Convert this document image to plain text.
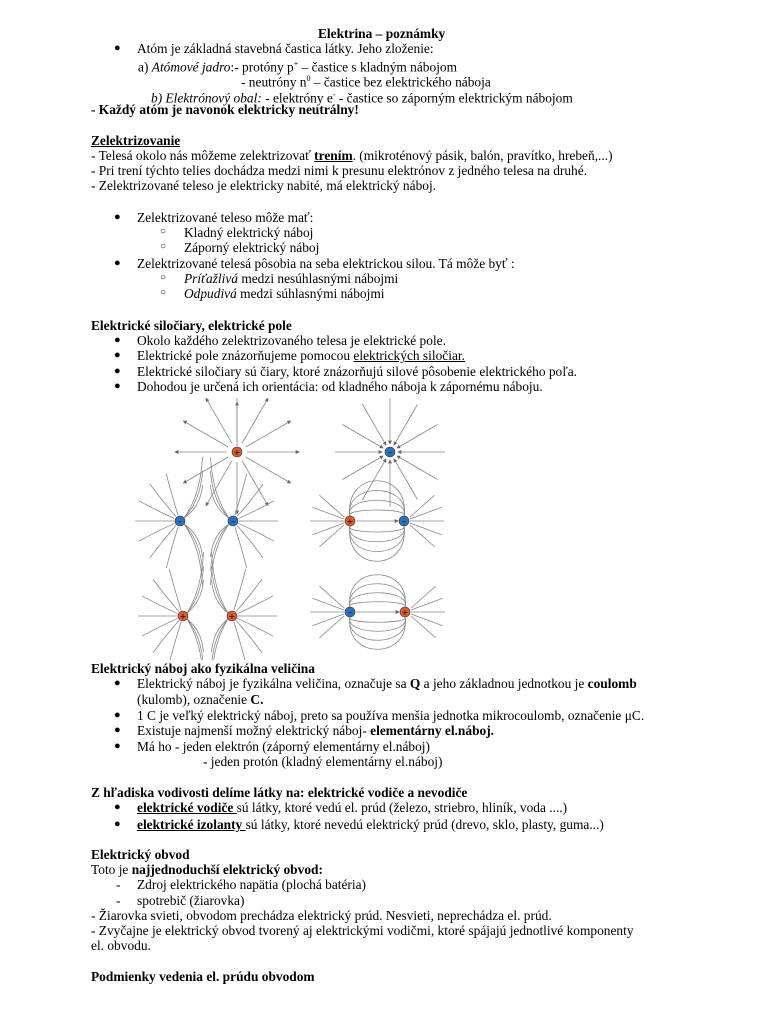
Elektrina – poznámky
● Atóm je základná stavebná častica látky. Jeho zloženie:
a) Atómové jadro:- protóny p+ – častice s kladným nábojom
- neutróny $n^0$ – častice bez elektrického náboja
b) Elektrónový obal: - elektróny e- - častice so záporným elektrickým nábojom
- Každý atóm je navonok elektricky neutrálny!
Zelektrizovanie
- Telesá okolo nás môžeme zelektrizovať trením. (mikroténový pásik, balón, pravítko, hrebeň,...)
- Pri trení týchto telies dochádza medzi nimi k presunu elektrónov z jedného telesa na druhé.
- Zelektrizované teleso je elektricky nabité, má elektrický náboj.
● Zelektrizované teleso môže mať:
○ Kladný elektrický náboj
○ Záporný elektrický náboj
● Zelektrizované telesá pôsobia na seba elektrickou silou. Tá môže byť :
○ Príťažlivá medzi nesúhlasnými nábojmi
○ Odpudivá medzi súhlasnými nábojmi
Elektrické siločiary, elektrické pole
● Okolo každého zelektrizovaného telesa je elektrické pole.
● Elektrické pole znázorňujeme pomocou elektrických siločiar.
● Elektrické siločiary sú čiary, ktoré znázorňujú silové pôsobenie elektrického poľa.
● Dohodou je určená ich orientácia: od kladného náboja k zápornému náboju.
+	–
–	–	+	–
+	+	–	+
Elektrický náboj ako fyzikálna veličina
● Elektrický náboj je fyzikálna veličina, označuje sa Q a jeho základnou jednotkou je coulomb
(kulomb), označenie C.
● 1 C je veľký elektrický náboj, preto sa používa menšia jednotka mikrocoulomb, označenie μC.
● Existuje najmenší možný elektrický náboj- elementárny el.náboj.
● Má ho - jeden elektrón (záporný elementárny el.náboj)
- jeden protón (kladný elementárny el.náboj)
Z hľadiska vodivosti delíme látky na: elektrické vodiče a nevodiče
● elektrické vodiče sú látky, ktoré vedú el. prúd (železo, striebro, hliník, voda ....)
● elektrické izolanty sú látky, ktoré nevedú elektrický prúd (drevo, sklo, plasty, guma...)
Elektrický obvod
Toto je najjednoduchší elektrický obvod:
- Zdroj elektrického napätia (plochá batéria)
- spotrebič (žiarovka)
- Žiarovka svieti, obvodom prechádza elektrický prúd. Nesvieti, neprechádza el. prúd.
- Zvyčajne je elektrický obvod tvorený aj elektrickými vodičmi, ktoré spájajú jednotlivé komponenty
el. obvodu.
Podmienky vedenia el. prúdu obvodom
